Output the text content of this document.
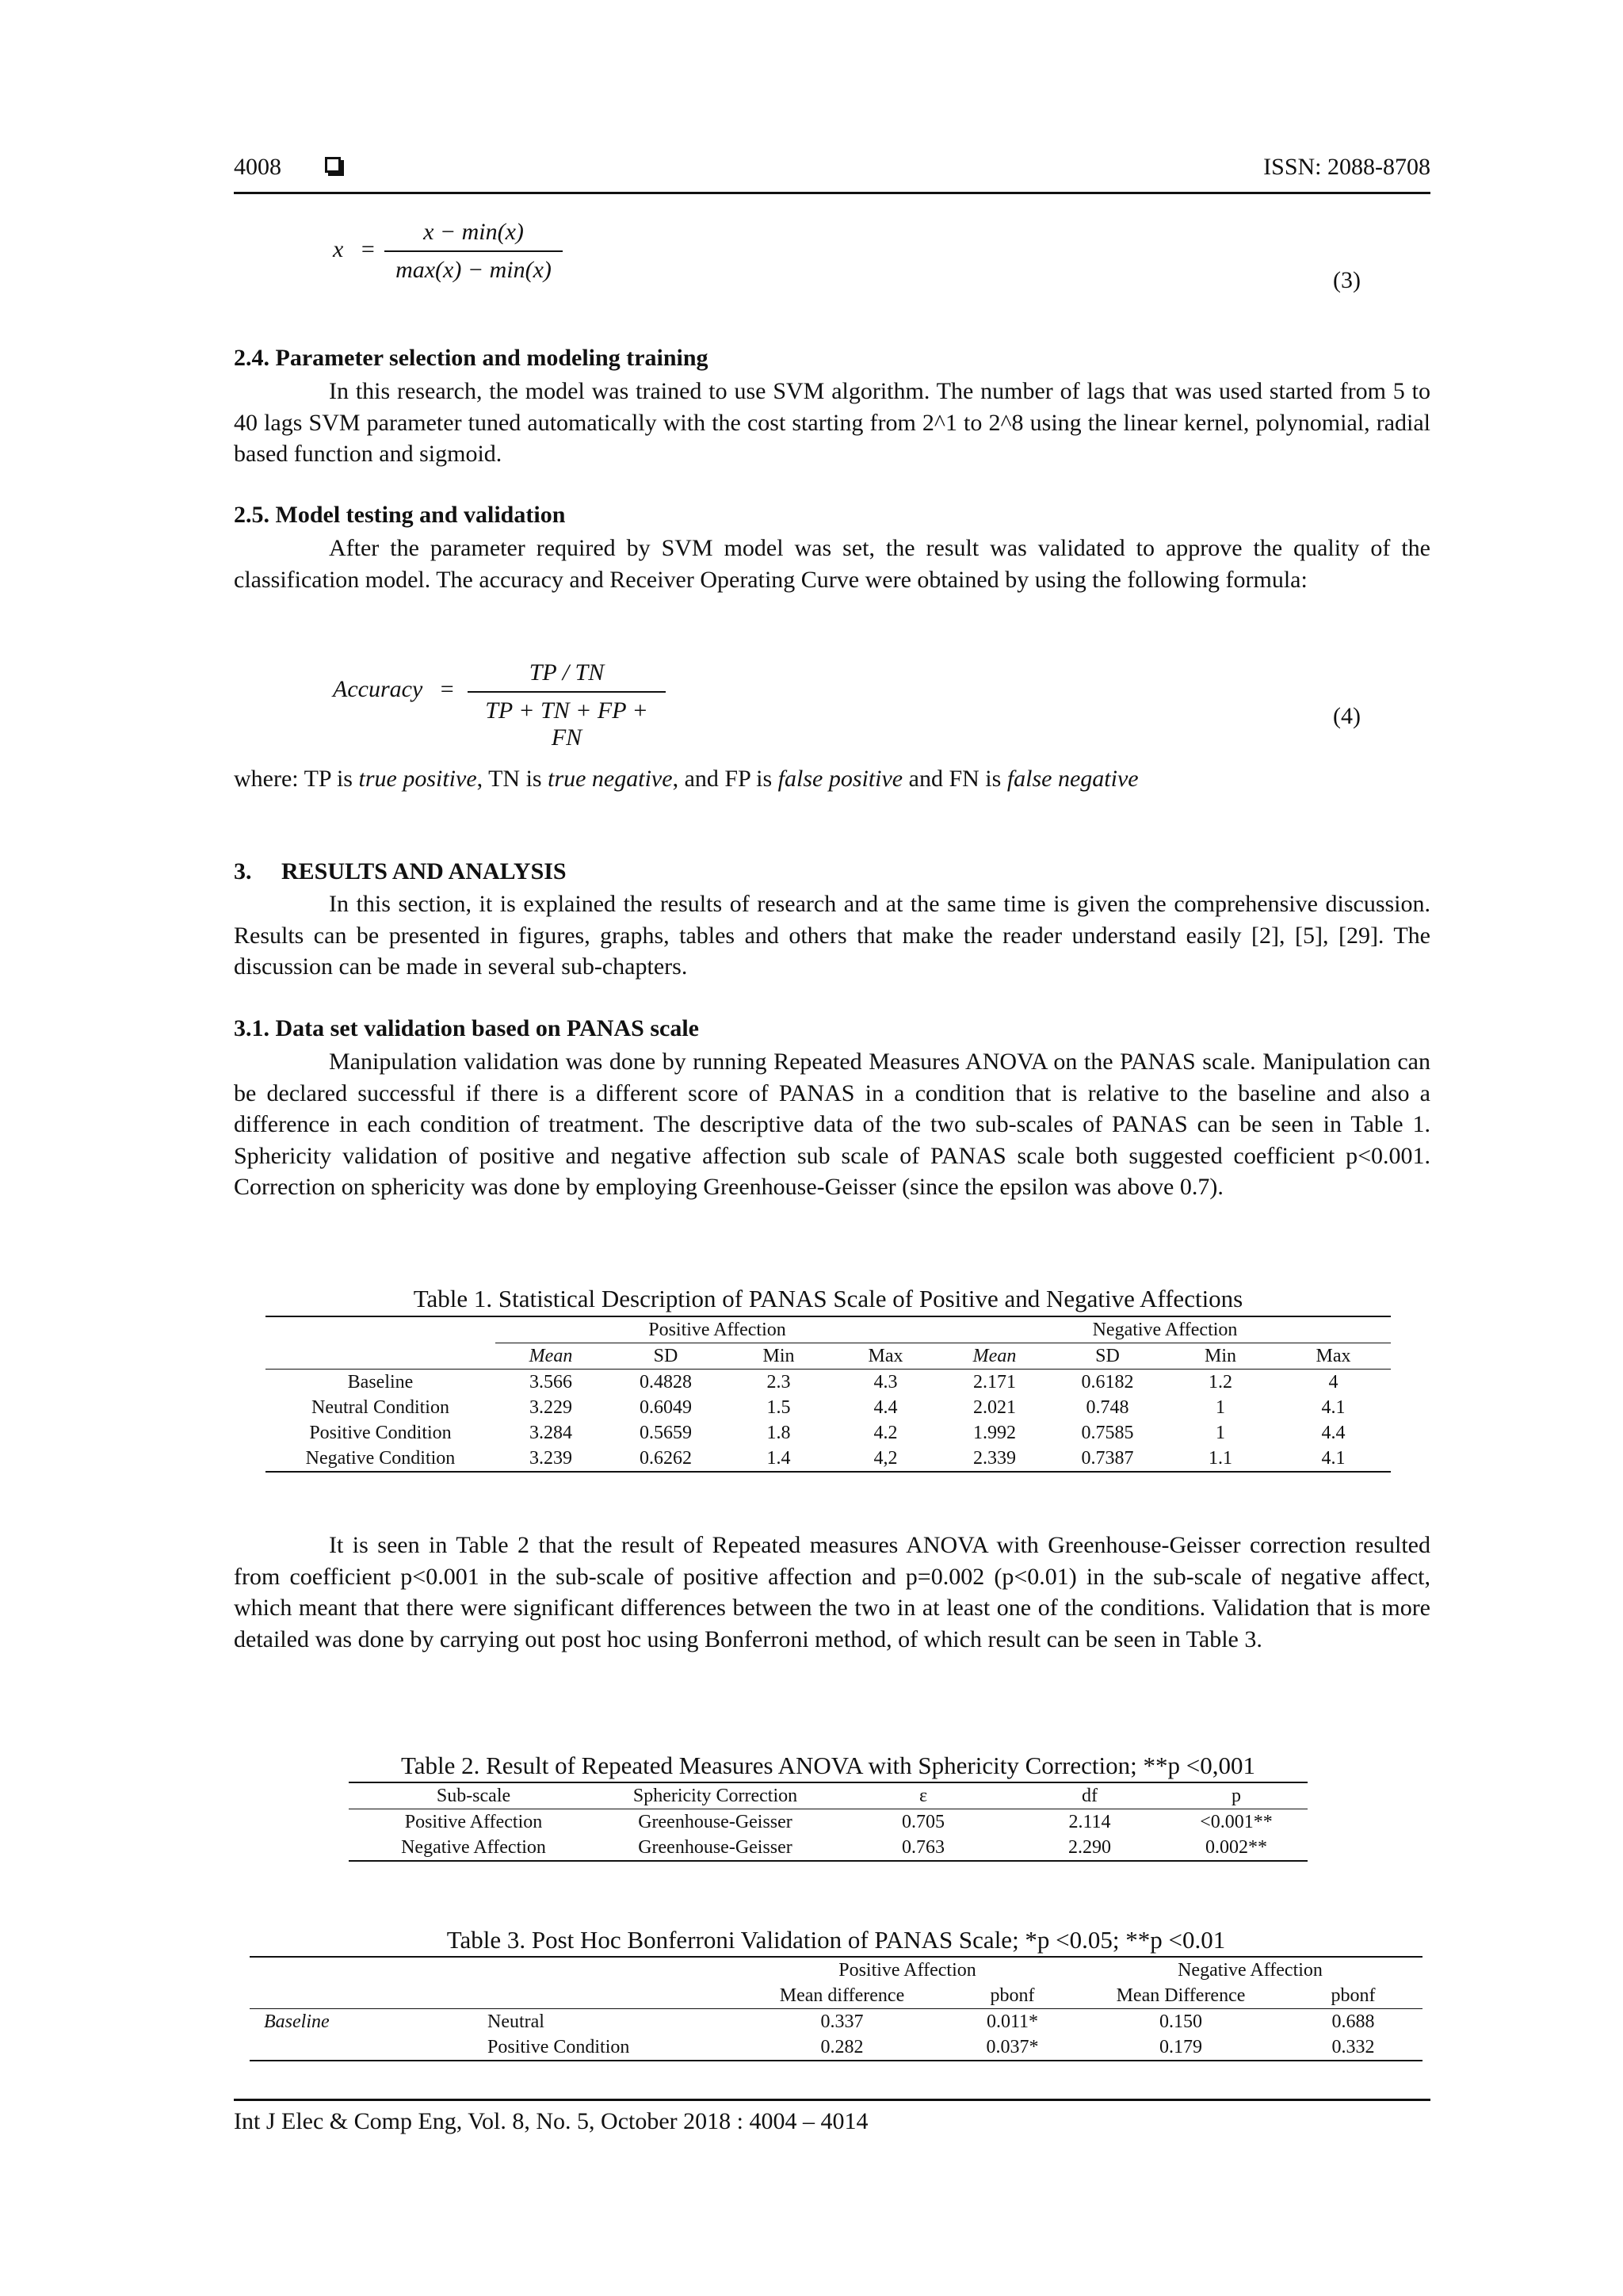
4008	ISSN: 2088-8708
x =
x − min(x)
max(x) − min(x)	(3)
2.4. Parameter selection and modeling training
In this research, the model was trained to use SVM algorithm. The number of lags that was used started from 5 to 40 lags SVM parameter tuned automatically with the cost starting from 2^1 to 2^8 using the linear kernel, polynomial, radial based function and sigmoid.
2.5. Model testing and validation
After the parameter required by SVM model was set, the result was validated to approve the quality of the classification model. The accuracy and Receiver Operating Curve were obtained by using the following formula:
Accuracy =
TP / TN
TP + TN + FP + FN
(4)
where: TP is true positive, TN is true negative, and FP is false positive and FN is false negative
3.     RESULTS AND ANALYSIS
In this section, it is explained the results of research and at the same time is given the comprehensive discussion. Results can be presented in figures, graphs, tables and others that make the reader understand easily [2], [5], [29]. The discussion can be made in several sub-chapters.
3.1. Data set validation based on PANAS scale
Manipulation validation was done by running Repeated Measures ANOVA on the PANAS scale. Manipulation can be declared successful if there is a different score of PANAS in a condition that is relative to the baseline and also a difference in each condition of treatment. The descriptive data of the two sub-scales of PANAS can be seen in Table 1. Sphericity validation of positive and negative affection sub scale of PANAS scale both suggested coefficient p<0.001. Correction on sphericity was done by employing Greenhouse-Geisser (since the epsilon was above 0.7).
Table 1. Statistical Description of PANAS Scale of Positive and Negative Affections
	Positive Affection				Negative Affection			
	Mean	SD	Min	Max	Mean	SD	Min	Max
Baseline	3.566	0.4828	2.3	4.3	2.171	0.6182	1.2	4
Neutral Condition	3.229	0.6049	1.5	4.4	2.021	0.748	1	4.1
Positive Condition	3.284	0.5659	1.8	4.2	1.992	0.7585	1	4.4
Negative Condition	3.239	0.6262	1.4	4,2	2.339	0.7387	1.1	4.1
It is seen in Table 2 that the result of Repeated measures ANOVA with Greenhouse-Geisser correction resulted from coefficient p<0.001 in the sub-scale of positive affection and p=0.002 (p<0.01) in the sub-scale of negative affect, which meant that there were significant differences between the two in at least one of the conditions. Validation that is more detailed was done by carrying out post hoc using Bonferroni method, of which result can be seen in Table 3.
Table 2. Result of Repeated Measures ANOVA with Sphericity Correction; **p <0,001
Sub-scale	Sphericity Correction	ε	df	p
Positive Affection	Greenhouse-Geisser	0.705	2.114	<0.001**
Negative Affection	Greenhouse-Geisser	0.763	2.290	0.002**
Table 3. Post Hoc Bonferroni Validation of PANAS Scale; *p <0.05; **p <0.01
		Positive Affection		Negative Affection	
		Mean difference	pbonf	Mean Difference	pbonf
Baseline	Neutral	0.337	0.011*	0.150	0.688
	Positive Condition	0.282	0.037*	0.179	0.332
Int J Elec & Comp Eng, Vol. 8, No. 5, October 2018 : 4004 – 4014
